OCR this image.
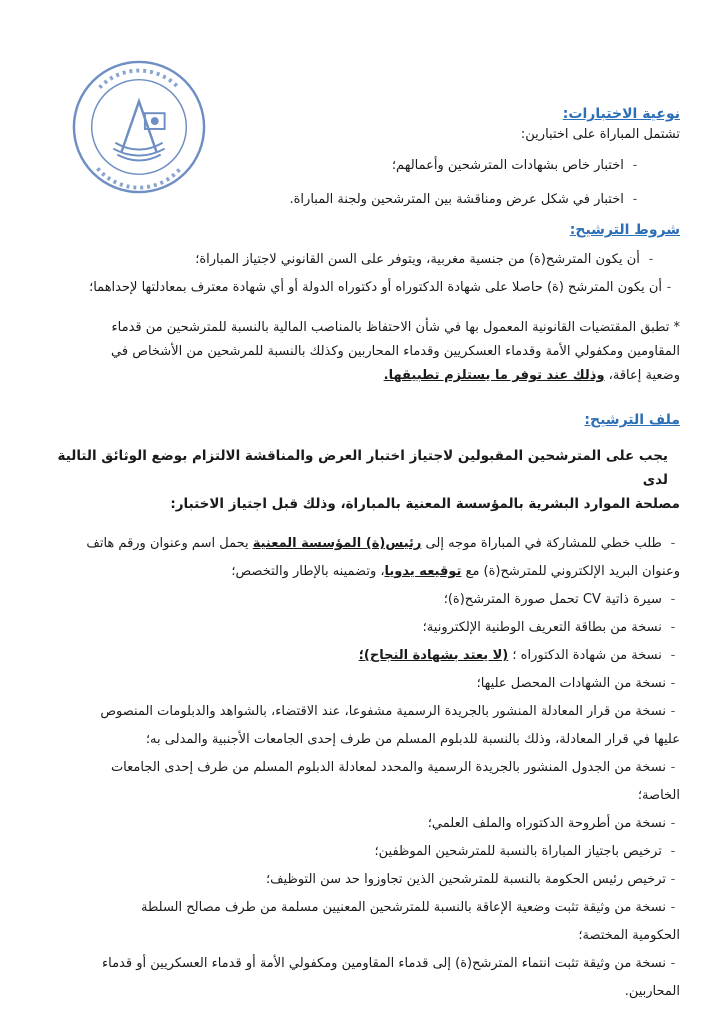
نوعية الاختبارات:

تشتمل المباراة على اختبارين:

- اختبار خاص بشهادات المترشحين وأعمالهم؛

- اختبار في شكل عرض ومناقشة بين المترشحين ولجنة المباراة.

شروط الترشيح:

- أن يكون المترشح(ة) من جنسية مغربية، ويتوفر على السن القانوني لاجتياز المباراة؛

-أن يكون المترشح (ة) حاصلا على شهادة الدكتوراه أو دكتوراه الدولة أو أي شهادة معترف بمعادلتها لإحداهما؛

* تطبق المقتضيات القانونية المعمول بها في شأن الاحتفاظ بالمناصب المالية بالنسبة للمترشحين من قدماء

المقاومين ومكفولي الأمة وقدماء العسكريين وقدماء المحاربين وكذلك بالنسبة للمرشحين من الأشخاص في

وضعية إعاقة، وذلك عند توفر ما يستلزم تطبيقها.

ملف الترشيح:

يجب على المترشحين المقبولين لاجتياز اختبار العرض والمناقشة الالتزام بوضع الوثائق التالية لدى

مصلحة الموارد البشرية بالمؤسسة المعنية بالمباراة، وذلك قبل اجتياز الاختبار:

- طلب خطي للمشاركة في المباراة موجه إلى رئيس(ة) المؤسسة المعنية يحمل اسم وعنوان ورقم هاتف

وعنوان البريد الإلكتروني للمترشح(ة) مع توقيعه يدويا، وتضمينه بالإطار والتخصص؛

- سيرة ذاتية CV تحمل صورة المترشح(ة)؛

- نسخة من بطاقة التعريف الوطنية الإلكترونية؛

- نسخة من شهادة الدكتوراه ؛ (لا يعتد بشهادة النجاح)؛

-نسخة من الشهادات المحصل عليها؛

-نسخة من قرار المعادلة المنشور بالجريدة الرسمية مشفوعا، عند الاقتضاء، بالشواهد والدبلومات المنصوص

عليها في قرار المعادلة، وذلك بالنسبة للدبلوم المسلم من طرف إحدى الجامعات الأجنبية والمدلى به؛

-نسخة من الجدول المنشور بالجريدة الرسمية والمحدد لمعادلة الدبلوم المسلم من طرف إحدى الجامعات

الخاصة؛

-نسخة من أطروحة الدكتوراه والملف العلمي؛

- ترخيص باجتياز المباراة بالنسبة للمترشحين الموظفين؛

-ترخيص رئيس الحكومة بالنسبة للمترشحين الذين تجاوزوا حد سن التوظيف؛

-نسخة من وثيقة تثبت وضعية الإعاقة بالنسبة للمترشحين المعنيين مسلمة من طرف مصالح السلطة

الحكومية المختصة؛

-نسخة من وثيقة تثبت انتماء المترشح(ة) إلى قدماء المقاومين ومكفولي الأمة أو قدماء العسكريين أو قدماء

المحاربين.
